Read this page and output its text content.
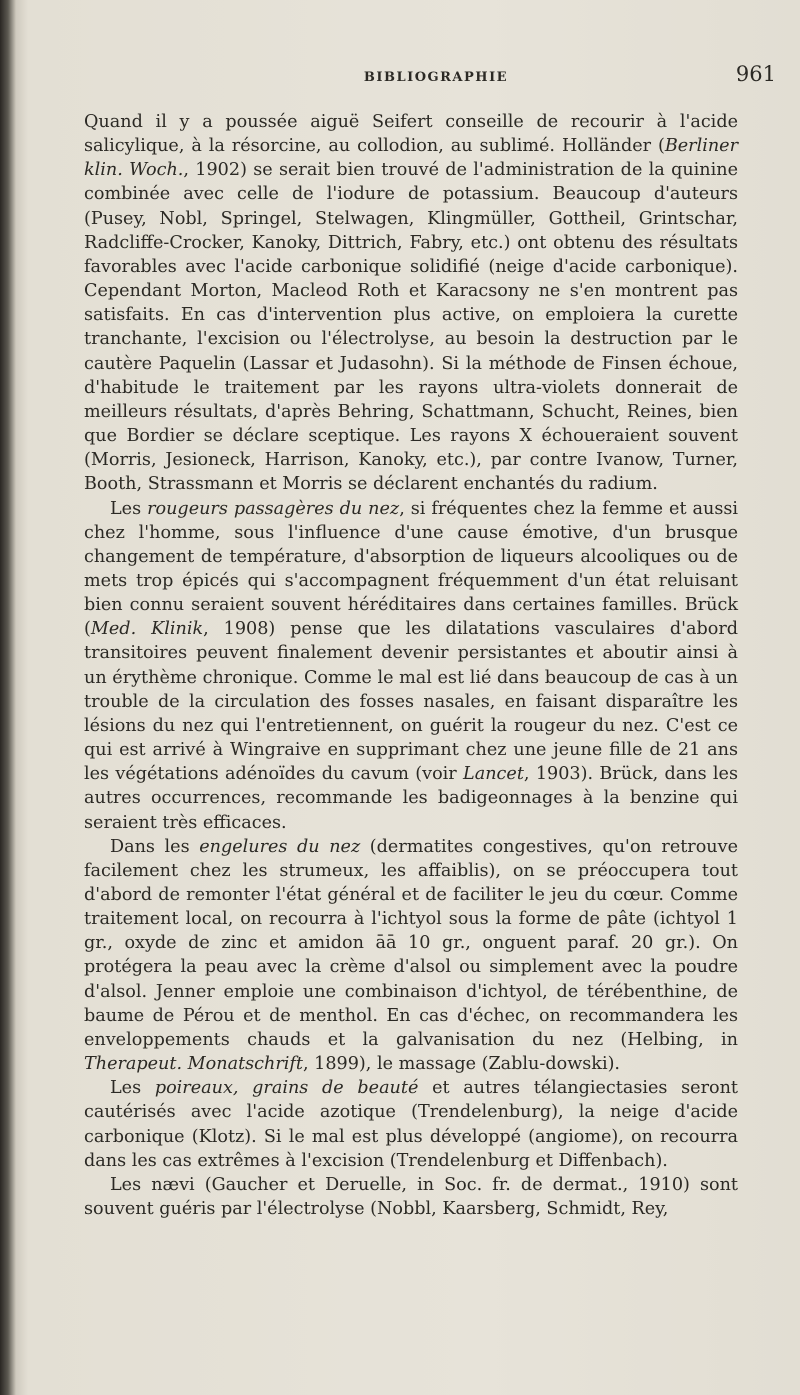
BIBLIOGRAPHIE	961

Quand il y a poussée aiguë Seifert conseille de recourir à l'acide salicylique, à la résorcine, au collodion, au sublimé. Holländer (Berliner klin. Woch., 1902) se serait bien trouvé de l'administration de la quinine combinée avec celle de l'iodure de potassium. Beaucoup d'auteurs (Pusey, Nobl, Springel, Stelwagen, Klingmüller, Gottheil, Grintschar, Radcliffe-Crocker, Kanoky, Dittrich, Fabry, etc.) ont obtenu des résultats favorables avec l'acide carbonique solidifié (neige d'acide carbonique). Cependant Morton, Macleod Roth et Karacsony ne s'en montrent pas satisfaits. En cas d'intervention plus active, on emploiera la curette tranchante, l'excision ou l'électrolyse, au besoin la destruction par le cautère Paquelin (Lassar et Judasohn). Si la méthode de Finsen échoue, d'habitude le traitement par les rayons ultra-violets donnerait de meilleurs résultats, d'après Behring, Schattmann, Schucht, Reines, bien que Bordier se déclare sceptique. Les rayons X échoueraient souvent (Morris, Jesioneck, Harrison, Kanoky, etc.), par contre Ivanow, Turner, Booth, Strassmann et Morris se déclarent enchantés du radium.

Les rougeurs passagères du nez, si fréquentes chez la femme et aussi chez l'homme, sous l'influence d'une cause émotive, d'un brusque changement de température, d'absorption de liqueurs alcooliques ou de mets trop épicés qui s'accompagnent fréquemment d'un état reluisant bien connu seraient souvent héréditaires dans certaines familles. Brück (Med. Klinik, 1908) pense que les dilatations vasculaires d'abord transitoires peuvent finalement devenir persistantes et aboutir ainsi à un érythème chronique. Comme le mal est lié dans beaucoup de cas à un trouble de la circulation des fosses nasales, en faisant disparaître les lésions du nez qui l'entretiennent, on guérit la rougeur du nez. C'est ce qui est arrivé à Wingraive en supprimant chez une jeune fille de 21 ans les végétations adénoïdes du cavum (voir Lancet, 1903). Brück, dans les autres occurrences, recommande les badigeonnages à la benzine qui seraient très efficaces.

Dans les engelures du nez (dermatites congestives, qu'on retrouve facilement chez les strumeux, les affaiblis), on se préoccupera tout d'abord de remonter l'état général et de faciliter le jeu du cœur. Comme traitement local, on recourra à l'ichtyol sous la forme de pâte (ichtyol 1 gr., oxyde de zinc et amidon āā 10 gr., onguent paraf. 20 gr.). On protégera la peau avec la crème d'alsol ou simplement avec la poudre d'alsol. Jenner emploie une combinaison d'ichtyol, de térébenthine, de baume de Pérou et de menthol. En cas d'échec, on recommandera les enveloppements chauds et la galvanisation du nez (Helbing, in Therapeut. Monatschrift, 1899), le massage (Zablu-dowski).

Les poireaux, grains de beauté et autres télangiectasies seront cautérisés avec l'acide azotique (Trendelenburg), la neige d'acide carbonique (Klotz). Si le mal est plus développé (angiome), on recourra dans les cas extrêmes à l'excision (Trendelenburg et Diffenbach).

Les nævi (Gaucher et Deruelle, in Soc. fr. de dermat., 1910) sont souvent guéris par l'électrolyse (Nobbl, Kaarsberg, Schmidt, Rey,
